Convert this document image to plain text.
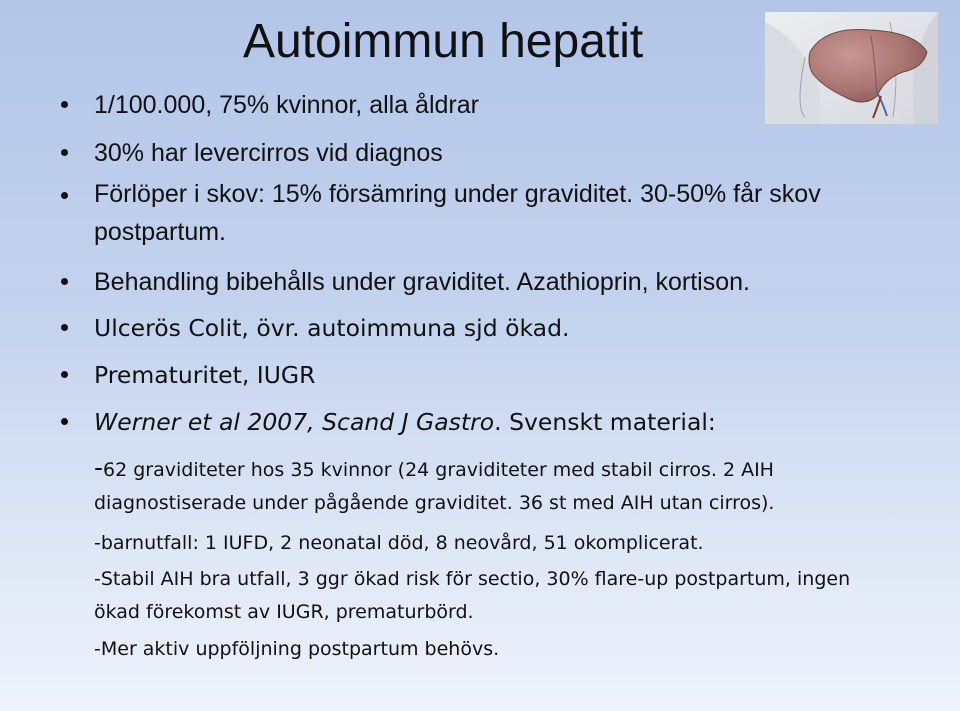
Autoimmun hepatit
1/100.000, 75% kvinnor, alla åldrar
30% har levercirros vid diagnos
Förlöper i skov: 15% försämring under graviditet. 30-50% får skov postpartum.
Behandling bibehålls under graviditet. Azathioprin, kortison.
Ulcerös Colit, övr. autoimmuna sjd ökad.
Prematuritet, IUGR
Werner et al 2007, Scand J Gastro. Svenskt material:
-62 graviditeter hos 35 kvinnor (24 graviditeter med stabil cirros. 2 AIH diagnostiserade under pågående graviditet. 36 st med AIH utan cirros).
-barnutfall: 1 IUFD, 2 neonatal död, 8 neovård, 51 okomplicerat.
-Stabil AIH bra utfall, 3 ggr ökad risk för sectio, 30% flare-up postpartum, ingen ökad förekomst av IUGR, prematurbörd.
-Mer aktiv uppföljning postpartum behövs.
